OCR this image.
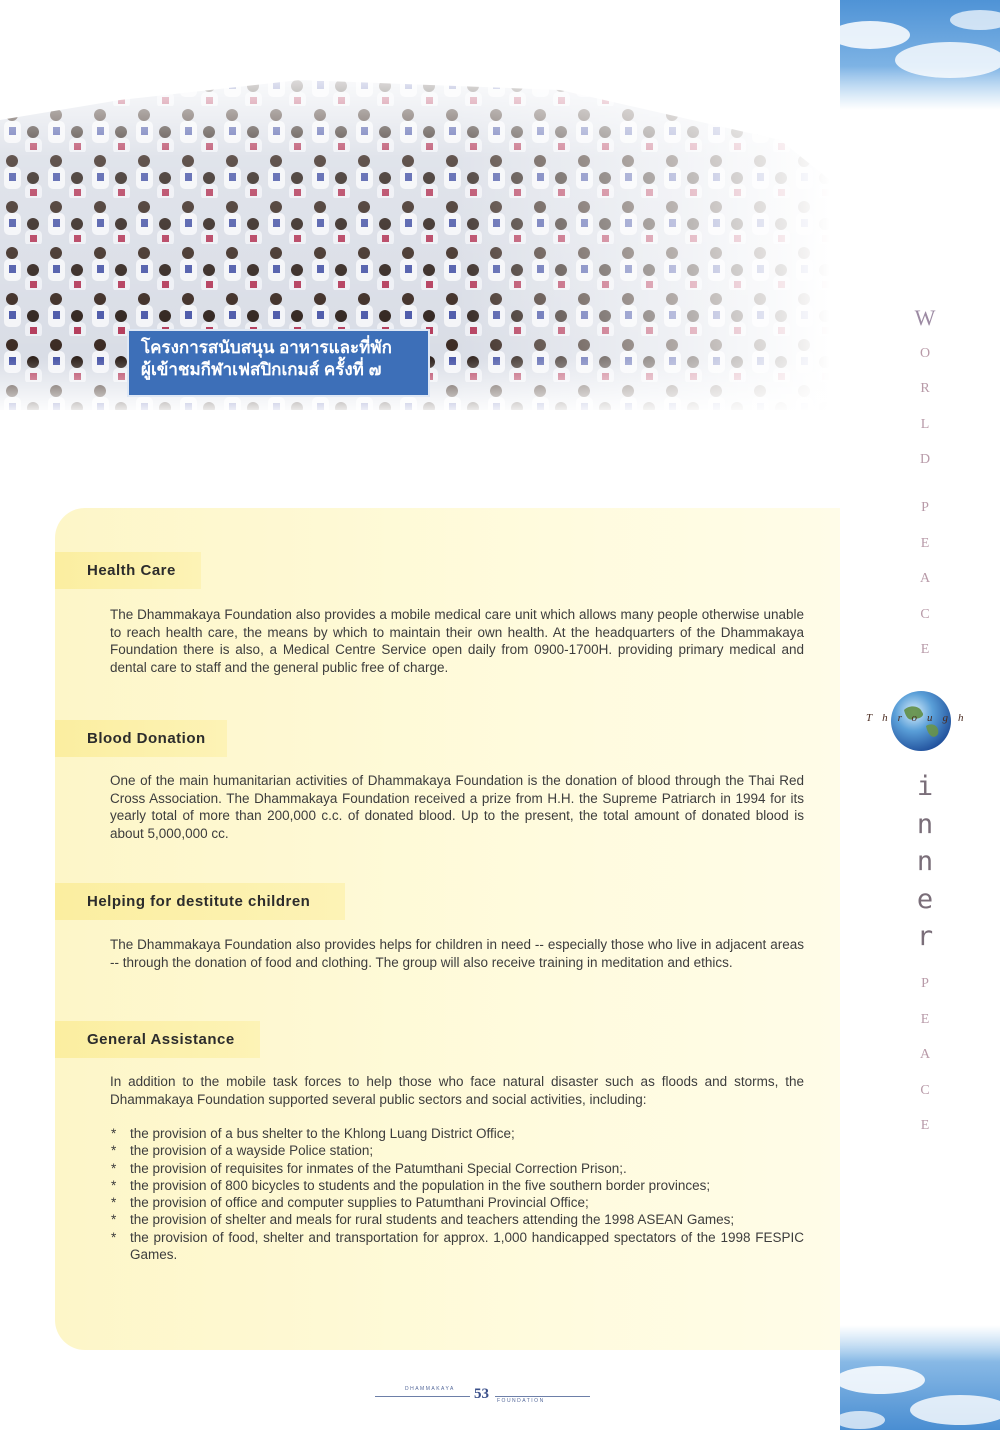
โครงการสนับสนุน อาหารและที่พัก
ผู้เข้าชมกีฬาเฟสปิกเกมส์ ครั้งที่ ๗
W
O
R
L
D
P
E
A
C
E
Through
i
n
n
e
r
P
E
A
C
E
Health Care

The Dhammakaya Foundation also provides a mobile medical care unit which allows many people otherwise unable to reach health care, the means by which to maintain their own health. At the headquarters of the Dhammakaya Foundation there is also, a Medical Centre Service open daily from 0900-1700H. providing primary medical and dental care to staff and the general public free of charge.

Blood Donation

One of the main humanitarian activities of Dhammakaya Foundation is the donation of blood through the Thai Red Cross Association. The Dhammakaya Foundation received a prize from H.H. the Supreme Patriarch in 1994 for its yearly total of more than 200,000 c.c. of donated blood. Up to the present, the total amount of donated blood is about 5,000,000 cc.

Helping for destitute children

The Dhammakaya Foundation also provides helps for children in need -- especially those who live in adjacent areas -- through the donation of food and clothing. The group will also receive training in meditation and ethics.

General Assistance

In addition to the mobile task forces to help those who face natural disaster such as floods and storms, the Dhammakaya Foundation supported several public sectors and social activities, including:

* the provision of a bus shelter to the Khlong Luang District Office;
* the provision of a wayside Police station;
* the provision of requisites for inmates of the Patumthani Special Correction Prison;.
* the provision of 800 bicycles to students and the population in the five southern border provinces;
* the provision of office and computer supplies to Patumthani Provincial Office;
* the provision of shelter and meals for rural students and teachers attending the 1998 ASEAN Games;
* the provision of food, shelter and transportation for approx. 1,000 handicapped spectators of the 1998 FESPIC Games.
DHAMMAKAYA 53 FOUNDATION
